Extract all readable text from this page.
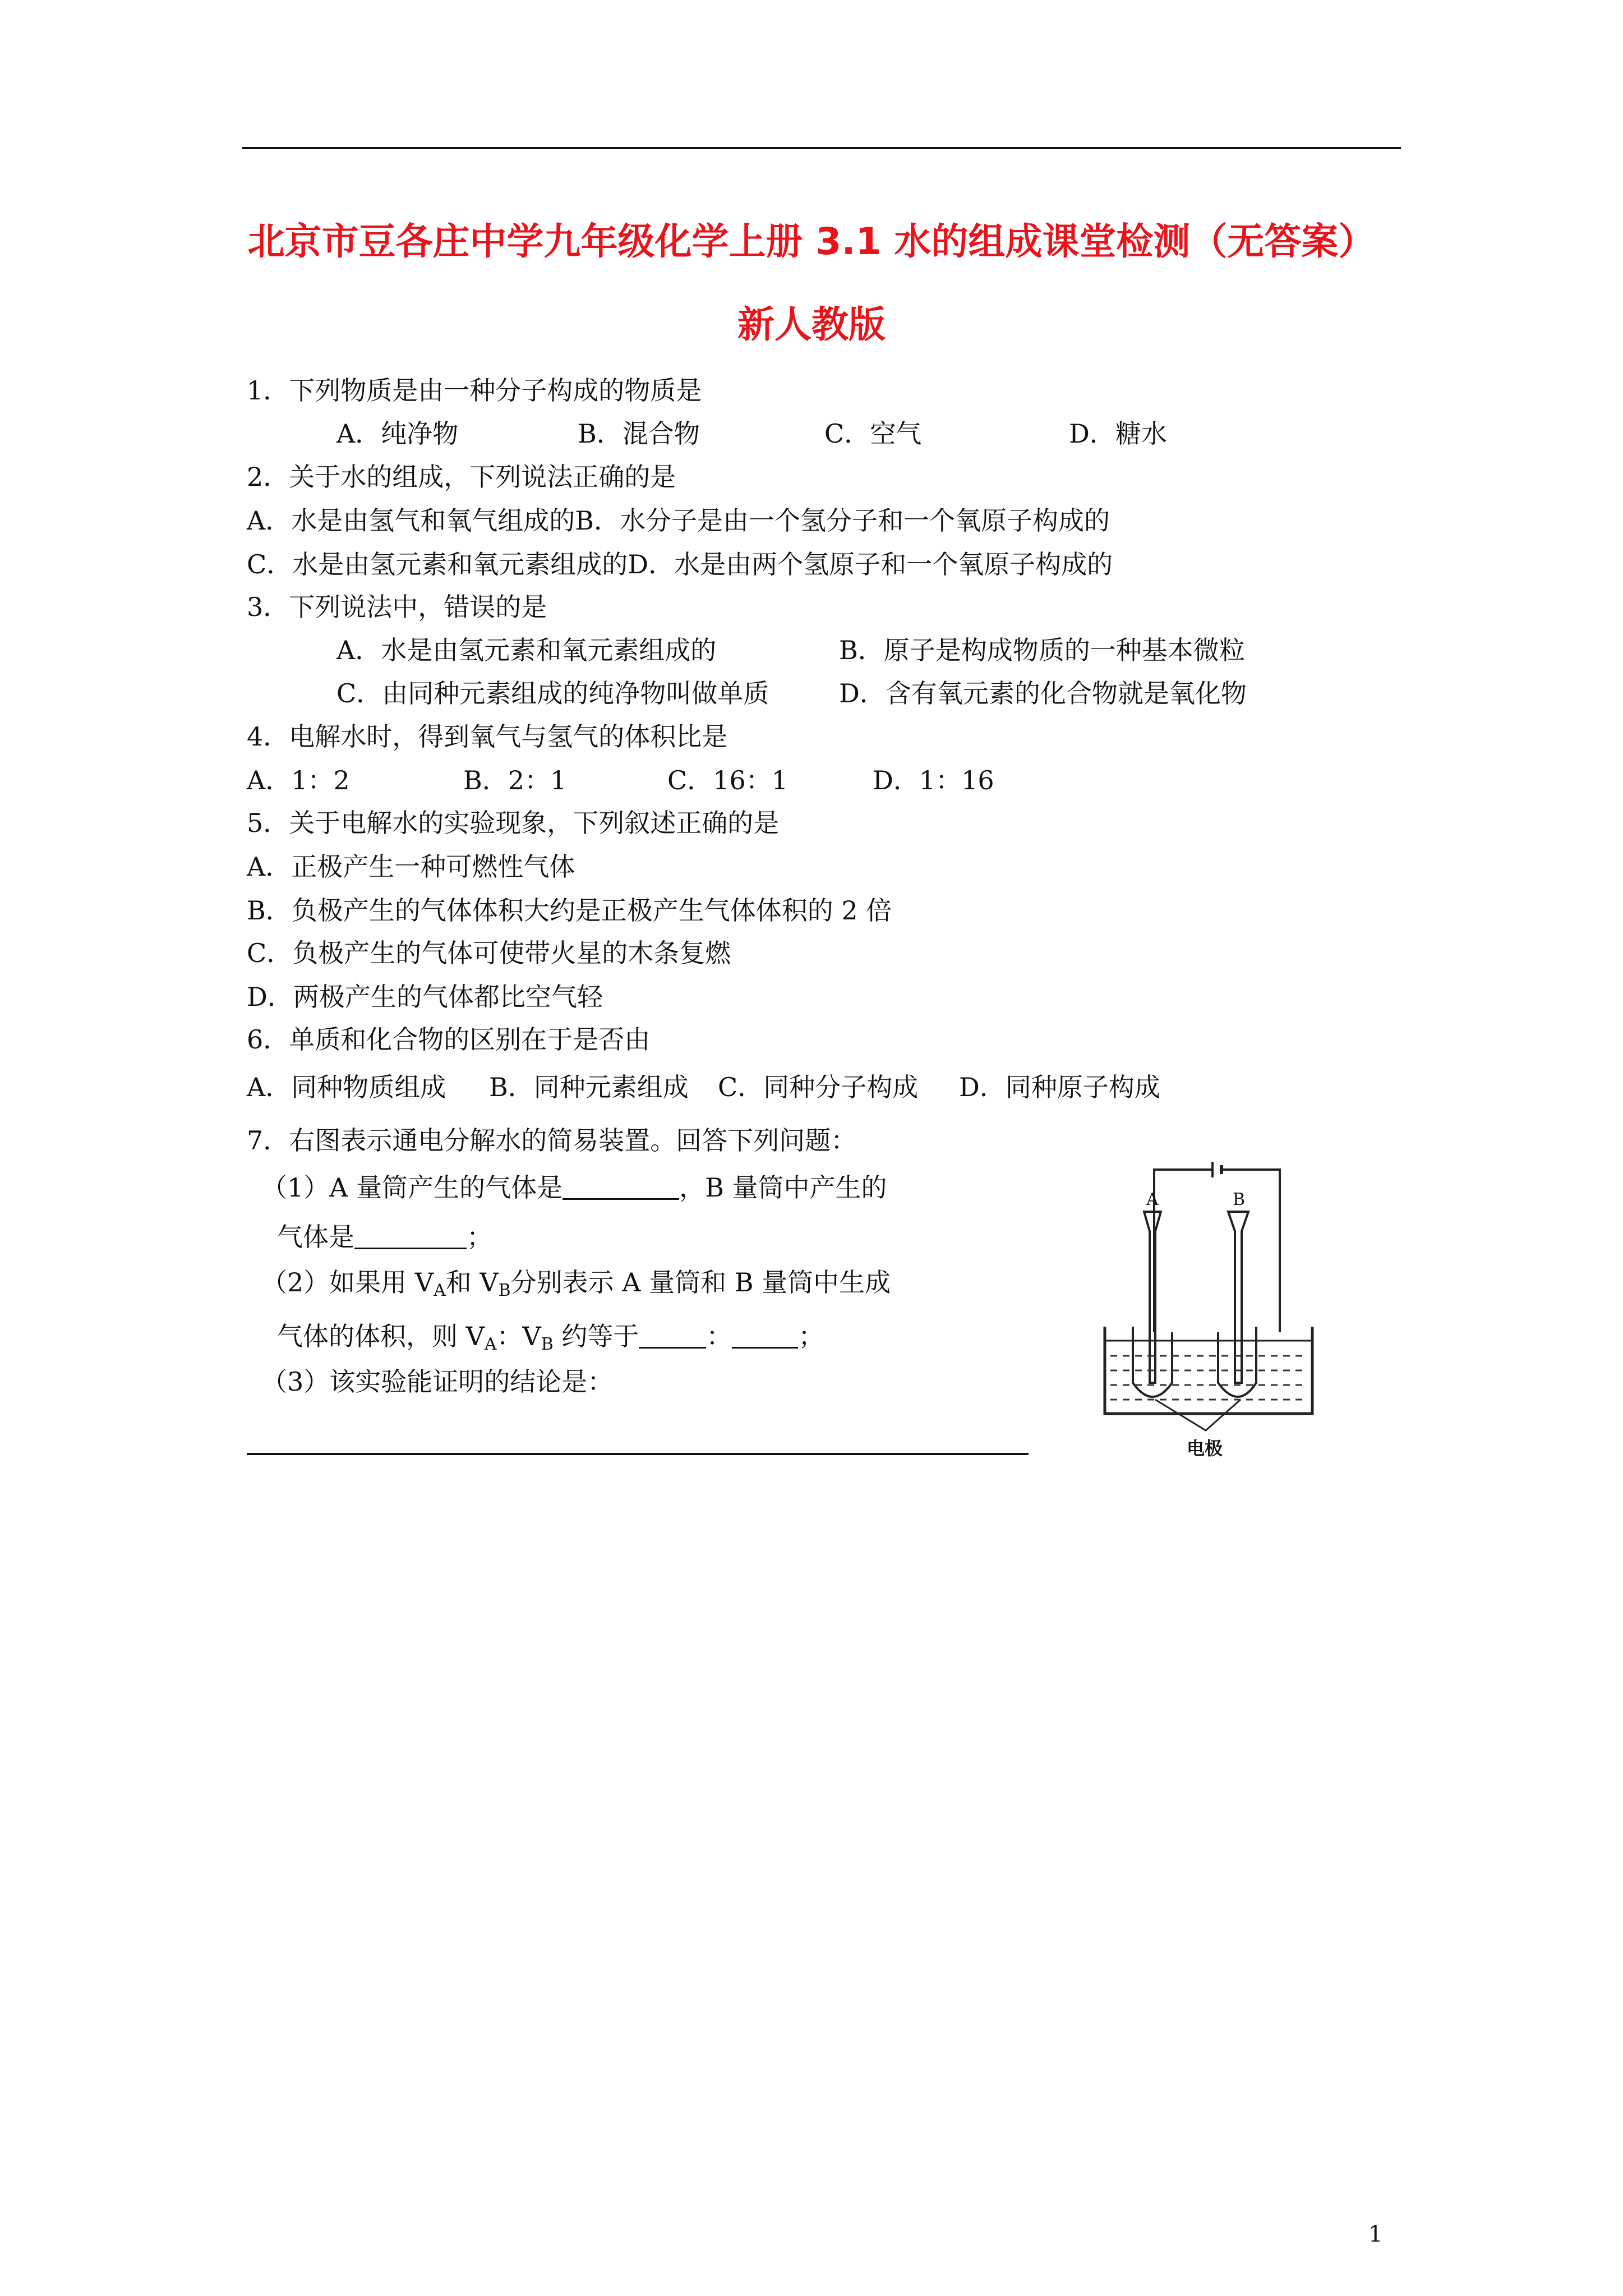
北京市豆各庄中学九年级化学上册 3.1 水的组成课堂检测（无答案）
新人教版
1．下列物质是由一种分子构成的物质是
A．纯净物	B．混合物	C．空气	D．糖水
2．关于水的组成，下列说法正确的是
A．水是由氢气和氧气组成的B．水分子是由一个氢分子和一个氧原子构成的
C．水是由氢元素和氧元素组成的D．水是由两个氢原子和一个氧原子构成的
3．下列说法中，错误的是
A．水是由氢元素和氧元素组成的	B．原子是构成物质的一种基本微粒
C．由同种元素组成的纯净物叫做单质	D．含有氧元素的化合物就是氧化物
4．电解水时，得到氧气与氢气的体积比是
A．1：2	B．2：1	C．16：1	D．1：16
5．关于电解水的实验现象，下列叙述正确的是
A．正极产生一种可燃性气体
B．负极产生的气体体积大约是正极产生气体体积的 2 倍
C．负极产生的气体可使带火星的木条复燃
D．两极产生的气体都比空气轻
6．单质和化合物的区别在于是否由
A．同种物质组成 B．同种元素组成 C．同种分子构成 D．同种原子构成
7．右图表示通电分解水的简易装置。回答下列问题：
（1）A 量筒产生的气体是	，B 量筒中产生的
气体是	；
（2）如果用 $V_A$和 $V_B$分别表示 A 量筒和 B 量筒中生成
气体的体积，则 $V_A$：$V_B$ 约等于	：	；
（3）该实验能证明的结论是：
A	B
电极
1
